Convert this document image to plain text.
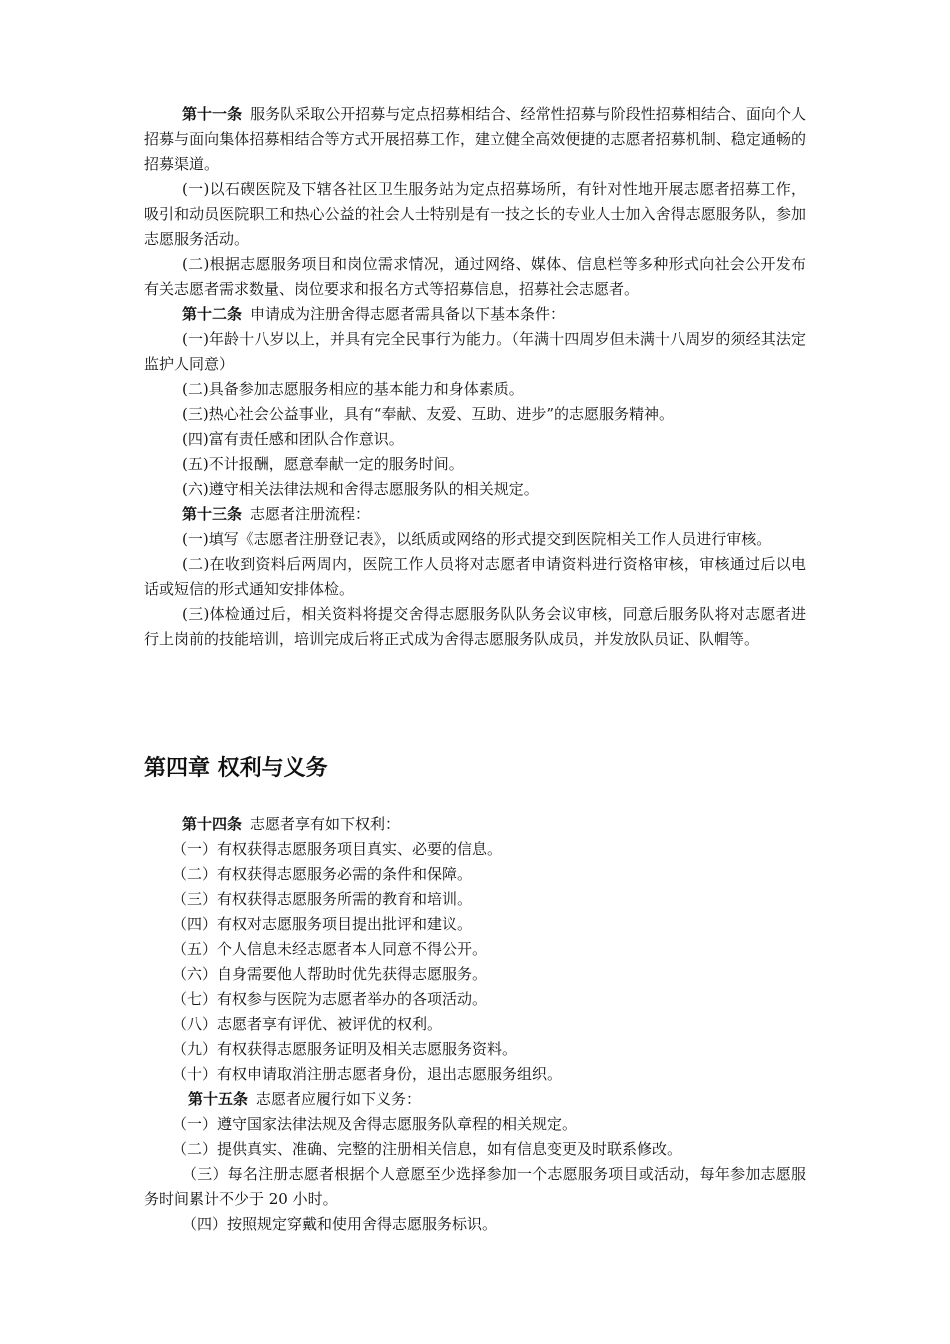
第十一条 服务队采取公开招募与定点招募相结合、经常性招募与阶段性招募相结合、面向个人招募与面向集体招募相结合等方式开展招募工作，建立健全高效便捷的志愿者招募机制、稳定通畅的招募渠道。

(一)以石碶医院及下辖各社区卫生服务站为定点招募场所，有针对性地开展志愿者招募工作，吸引和动员医院职工和热心公益的社会人士特别是有一技之长的专业人士加入舍得志愿服务队，参加志愿服务活动。

(二)根据志愿服务项目和岗位需求情况，通过网络、媒体、信息栏等多种形式向社会公开发布有关志愿者需求数量、岗位要求和报名方式等招募信息，招募社会志愿者。

第十二条 申请成为注册舍得志愿者需具备以下基本条件：

(一)年龄十八岁以上，并具有完全民事行为能力。（年满十四周岁但未满十八周岁的须经其法定监护人同意）

(二)具备参加志愿服务相应的基本能力和身体素质。

(三)热心社会公益事业，具有“奉献、友爱、互助、进步”的志愿服务精神。

(四)富有责任感和团队合作意识。

(五)不计报酬，愿意奉献一定的服务时间。

(六)遵守相关法律法规和舍得志愿服务队的相关规定。

第十三条 志愿者注册流程：

(一)填写《志愿者注册登记表》，以纸质或网络的形式提交到医院相关工作人员进行审核。

(二)在收到资料后两周内，医院工作人员将对志愿者申请资料进行资格审核，审核通过后以电话或短信的形式通知安排体检。

(三)体检通过后，相关资料将提交舍得志愿服务队队务会议审核，同意后服务队将对志愿者进行上岗前的技能培训，培训完成后将正式成为舍得志愿服务队成员，并发放队员证、队帽等。

第四章 权利与义务

第十四条 志愿者享有如下权利：

（一）有权获得志愿服务项目真实、必要的信息。

（二）有权获得志愿服务必需的条件和保障。

（三）有权获得志愿服务所需的教育和培训。

（四）有权对志愿服务项目提出批评和建议。

（五）个人信息未经志愿者本人同意不得公开。

（六）自身需要他人帮助时优先获得志愿服务。

（七）有权参与医院为志愿者举办的各项活动。

（八）志愿者享有评优、被评优的权利。

（九）有权获得志愿服务证明及相关志愿服务资料。

（十）有权申请取消注册志愿者身份，退出志愿服务组织。

第十五条 志愿者应履行如下义务：

（一）遵守国家法律法规及舍得志愿服务队章程的相关规定。

（二）提供真实、准确、完整的注册相关信息，如有信息变更及时联系修改。

（三）每名注册志愿者根据个人意愿至少选择参加一个志愿服务项目或活动，每年参加志愿服务时间累计不少于 20 小时。

（四）按照规定穿戴和使用舍得志愿服务标识。
